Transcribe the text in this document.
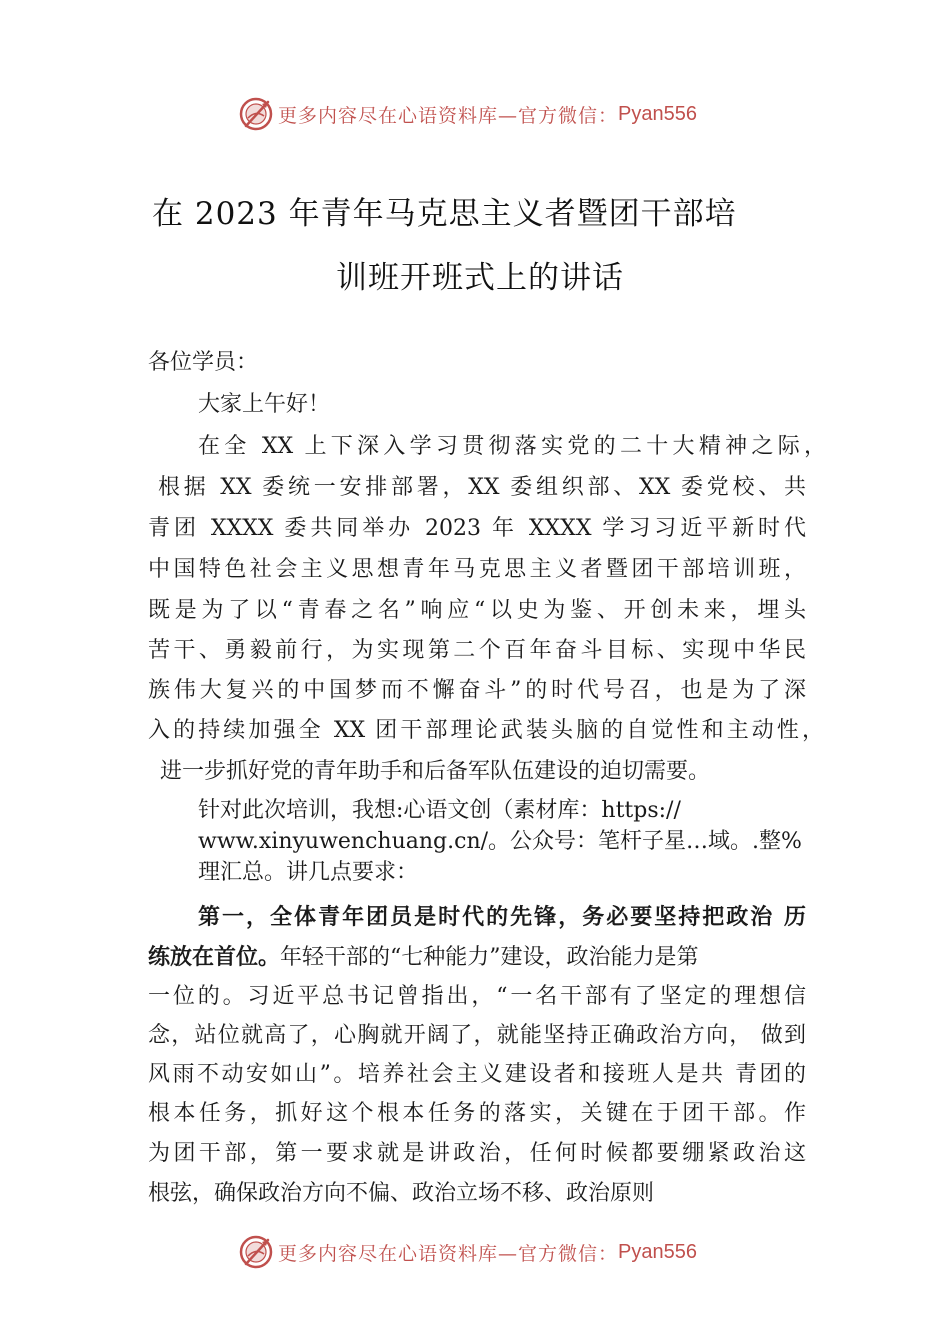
更多内容尽在心语资料库—官方微信： Pyan556
在 2023 年青年马克思主义者暨团干部培
训班开班式上的讲话
各位学员：
大家上午好！
在全 XX 上下深入学习贯彻落实党的二十大精神之际，
根据 XX 委统一安排部署，XX 委组织部、XX 委党校、共
青团 XXXX 委共同举办 2023 年 XXXX 学习习近平新时代
中国特色社会主义思想青年马克思主义者暨团干部培训班，
既是为了以“青春之名”响应“以史为鉴、开创未来，埋头
苦干、勇毅前行，为实现第二个百年奋斗目标、实现中华民
族伟大复兴的中国梦而不懈奋斗”的时代号召，也是为了深
入的持续加强全 XX 团干部理论武装头脑的自觉性和主动性，
进一步抓好党的青年助手和后备军队伍建设的迫切需要。
针对此次培训，我想:心语文创（素材库：https://
www.xinyuwenchuang.cn/。公众号：笔杆子星…域。.整%
理汇总。讲几点要求：
第一，全体青年团员是时代的先锋，务必要坚持把政治 历
练放在首位。年轻干部的“七种能力”建设，政治能力是第
一位的。习近平总书记曾指出，“一名干部有了坚定的理想信
念，站位就高了，心胸就开阔了，就能坚持正确政治方向， 做到
风雨不动安如山”。培养社会主义建设者和接班人是共 青团的
根本任务，抓好这个根本任务的落实，关键在于团干部。作
为团干部，第一要求就是讲政治，任何时候都要绷紧政治这
根弦，确保政治方向不偏、政治立场不移、政治原则
更多内容尽在心语资料库—官方微信： Pyan556
